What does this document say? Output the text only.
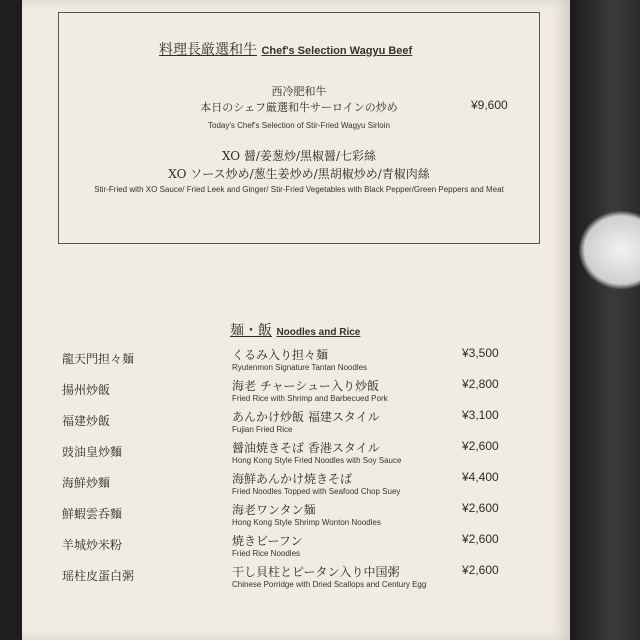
料理長厳選和牛 Chef's Selection Wagyu Beef
西冷肥和牛
本日のシェフ厳選和牛サーロインの炒め	¥9,600
Today's Chef's Selection of Stir-Fried Wagyu Sirloin
XO 醤/姜葱炒/黒椒醤/七彩絲
XO ソース炒め/葱生姜炒め/黒胡椒炒め/青椒肉絲
Stir-Fried with XO Sauce/ Fried Leek and Ginger/ Stir-Fried Vegetables with Black Pepper/Green Peppers and Meat
麺・飯 Noodles and Rice
龍天門担々麺	くるみ入り担々麺	¥3,500
Ryutenmon Signature Tantan Noodles
揚州炒飯	海老 チャーシュー入り炒飯	¥2,800
Fried Rice with Shrimp and Barbecued Pork
福建炒飯	あんかけ炒飯 福建スタイル	¥3,100
Fujian Fried Rice
豉油皇炒麵	醤油焼きそば 香港スタイル	¥2,600
Hong Kong Style Fried Noodles with Soy Sauce
海鮮炒麵	海鮮あんかけ焼きそば	¥4,400
Fried Noodles Topped with Seafood Chop Suey
鮮蝦雲呑麵	海老ワンタン麺	¥2,600
Hong Kong Style Shrimp Wonton Noodles
羊城炒米粉	焼きビーフン	¥2,600
Fried Rice Noodles
瑶柱皮蛋白粥	干し貝柱とピータン入り中国粥	¥2,600
Chinese Porridge with Dried Scallops and Century Egg
